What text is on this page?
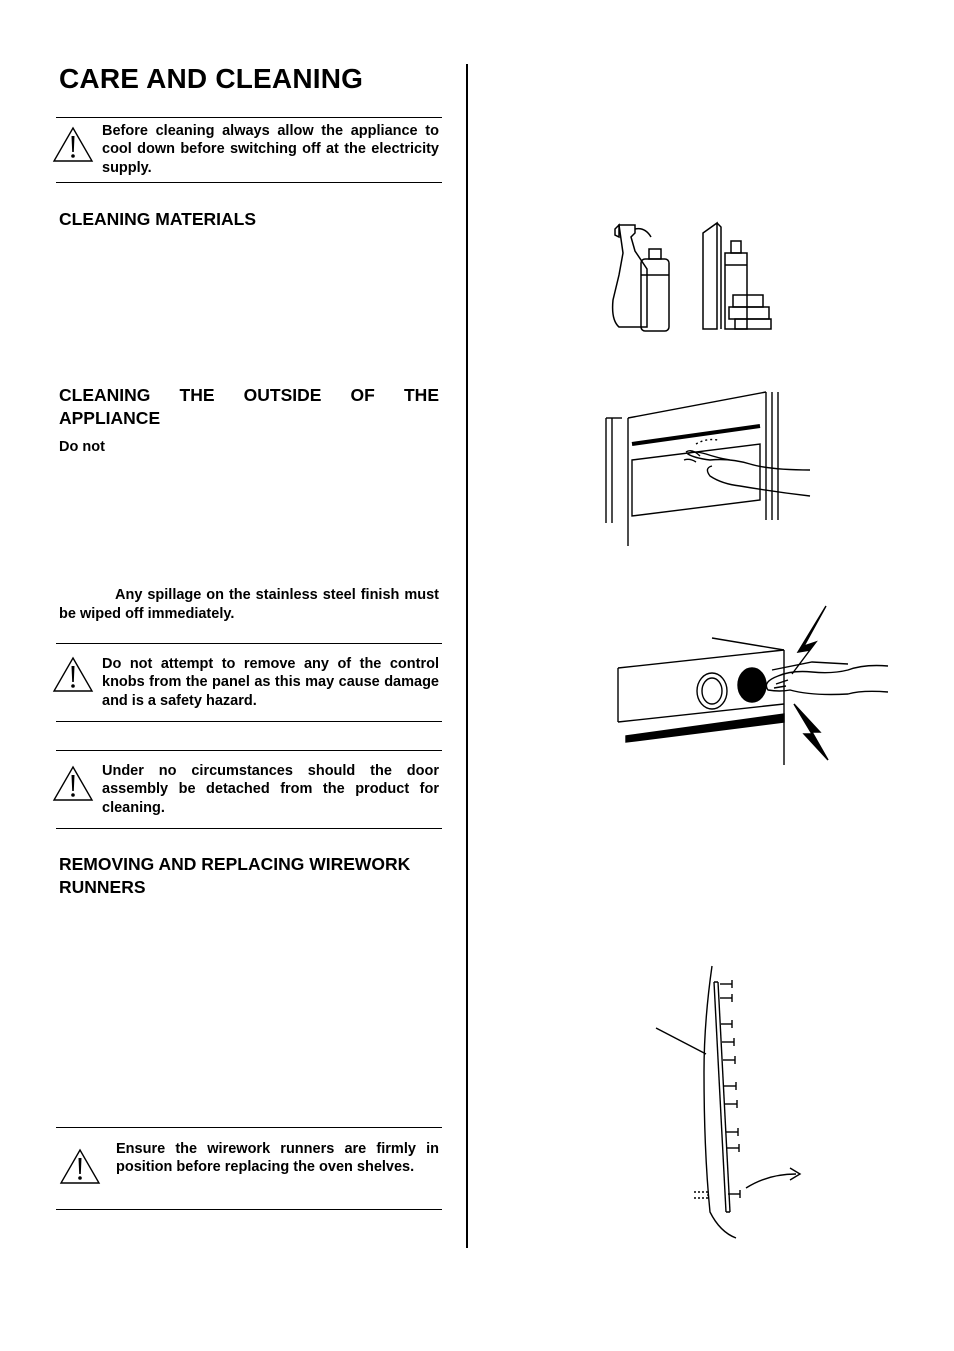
CARE AND CLEANING
Before cleaning always allow the appliance to cool down before switching off at the electricity supply.
CLEANING MATERIALS
CLEANING THE OUTSIDE OF THE APPLIANCE
Do not
Any spillage on the stainless steel finish must be wiped off immediately.
Do not attempt to remove any of the control knobs from the panel as this may cause damage and is a safety hazard.
Under no circumstances should the door assembly be detached from the product for cleaning.
REMOVING AND REPLACING WIREWORK RUNNERS
Ensure the wirework runners are firmly in position before replacing the oven shelves.
